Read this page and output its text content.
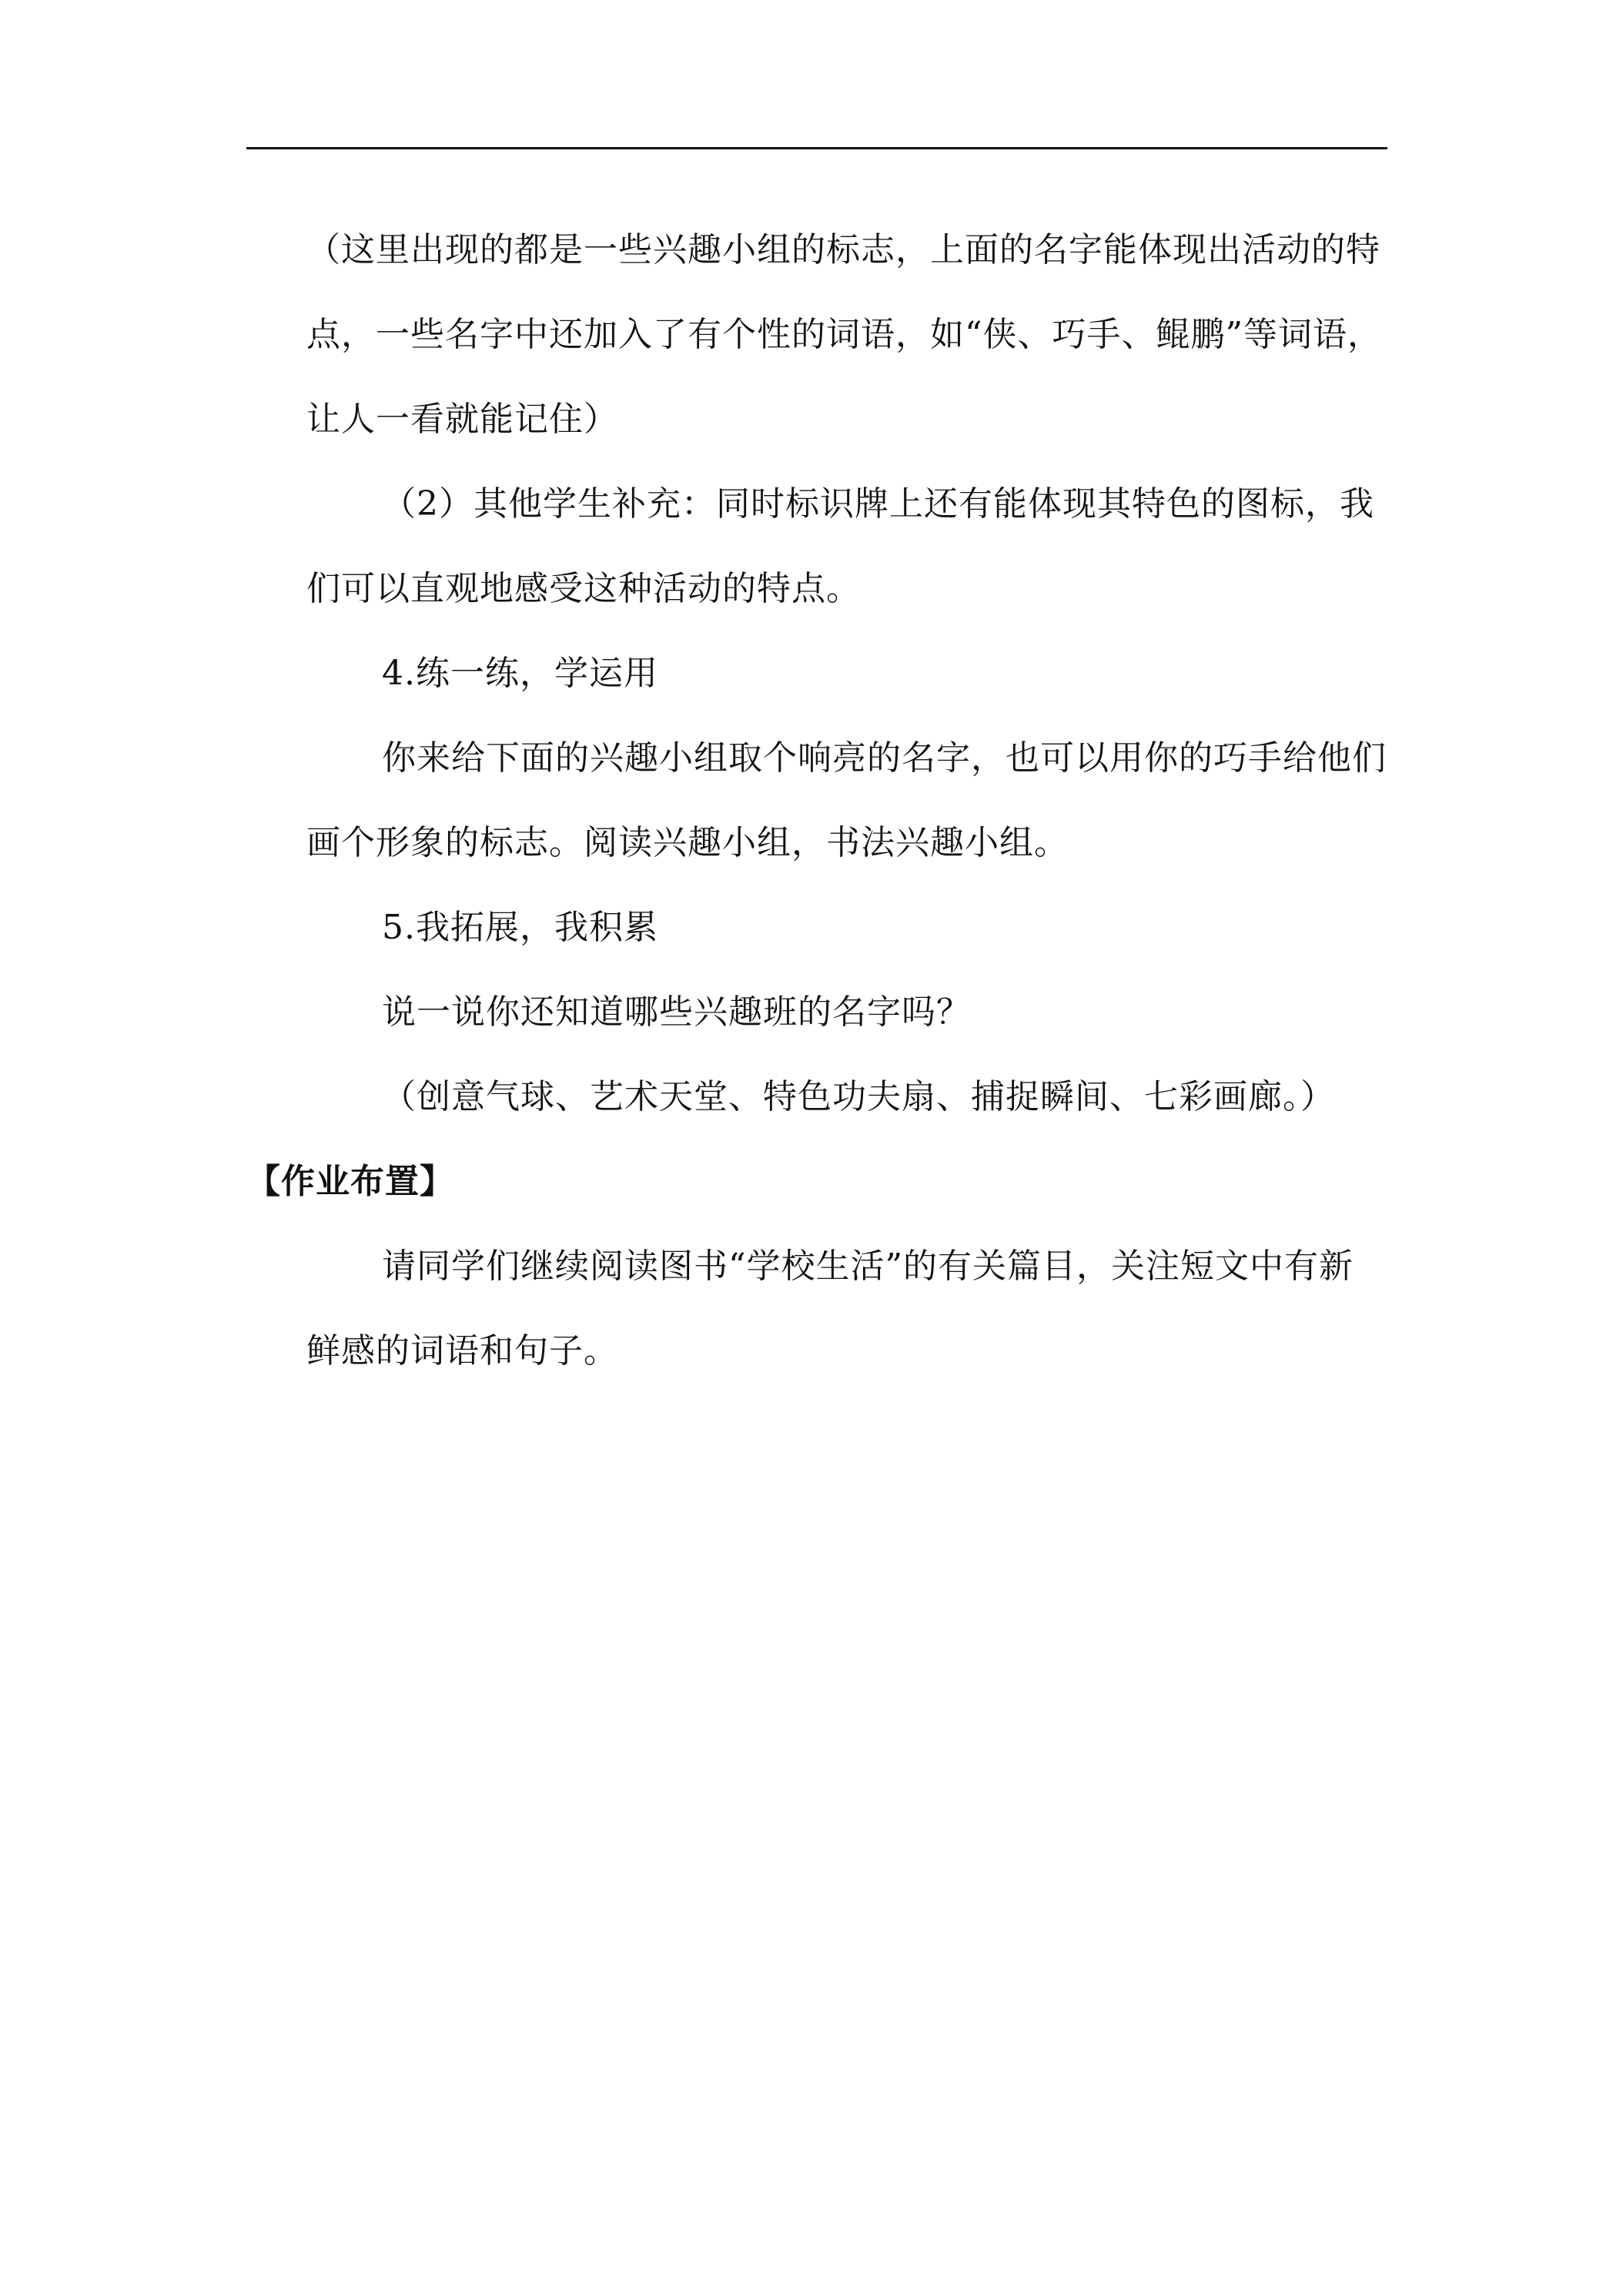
（这里出现的都是一些兴趣小组的标志，上面的名字能体现出活动的特点，一些名字中还加入了有个性的词语，如“侠、巧手、鲲鹏”等词语，让人一看就能记住）

（2）其他学生补充：同时标识牌上还有能体现其特色的图标，我们可以直观地感受这种活动的特点。

4.练一练，学运用

你来给下面的兴趣小组取个响亮的名字，也可以用你的巧手给他们画个形象的标志。阅读兴趣小组，书法兴趣小组。

5.我拓展，我积累

说一说你还知道哪些兴趣班的名字吗？

（创意气球、艺术天堂、特色功夫扇、捕捉瞬间、七彩画廊。）

【作业布置】

请同学们继续阅读图书“学校生活”的有关篇目，关注短文中有新鲜感的词语和句子。
